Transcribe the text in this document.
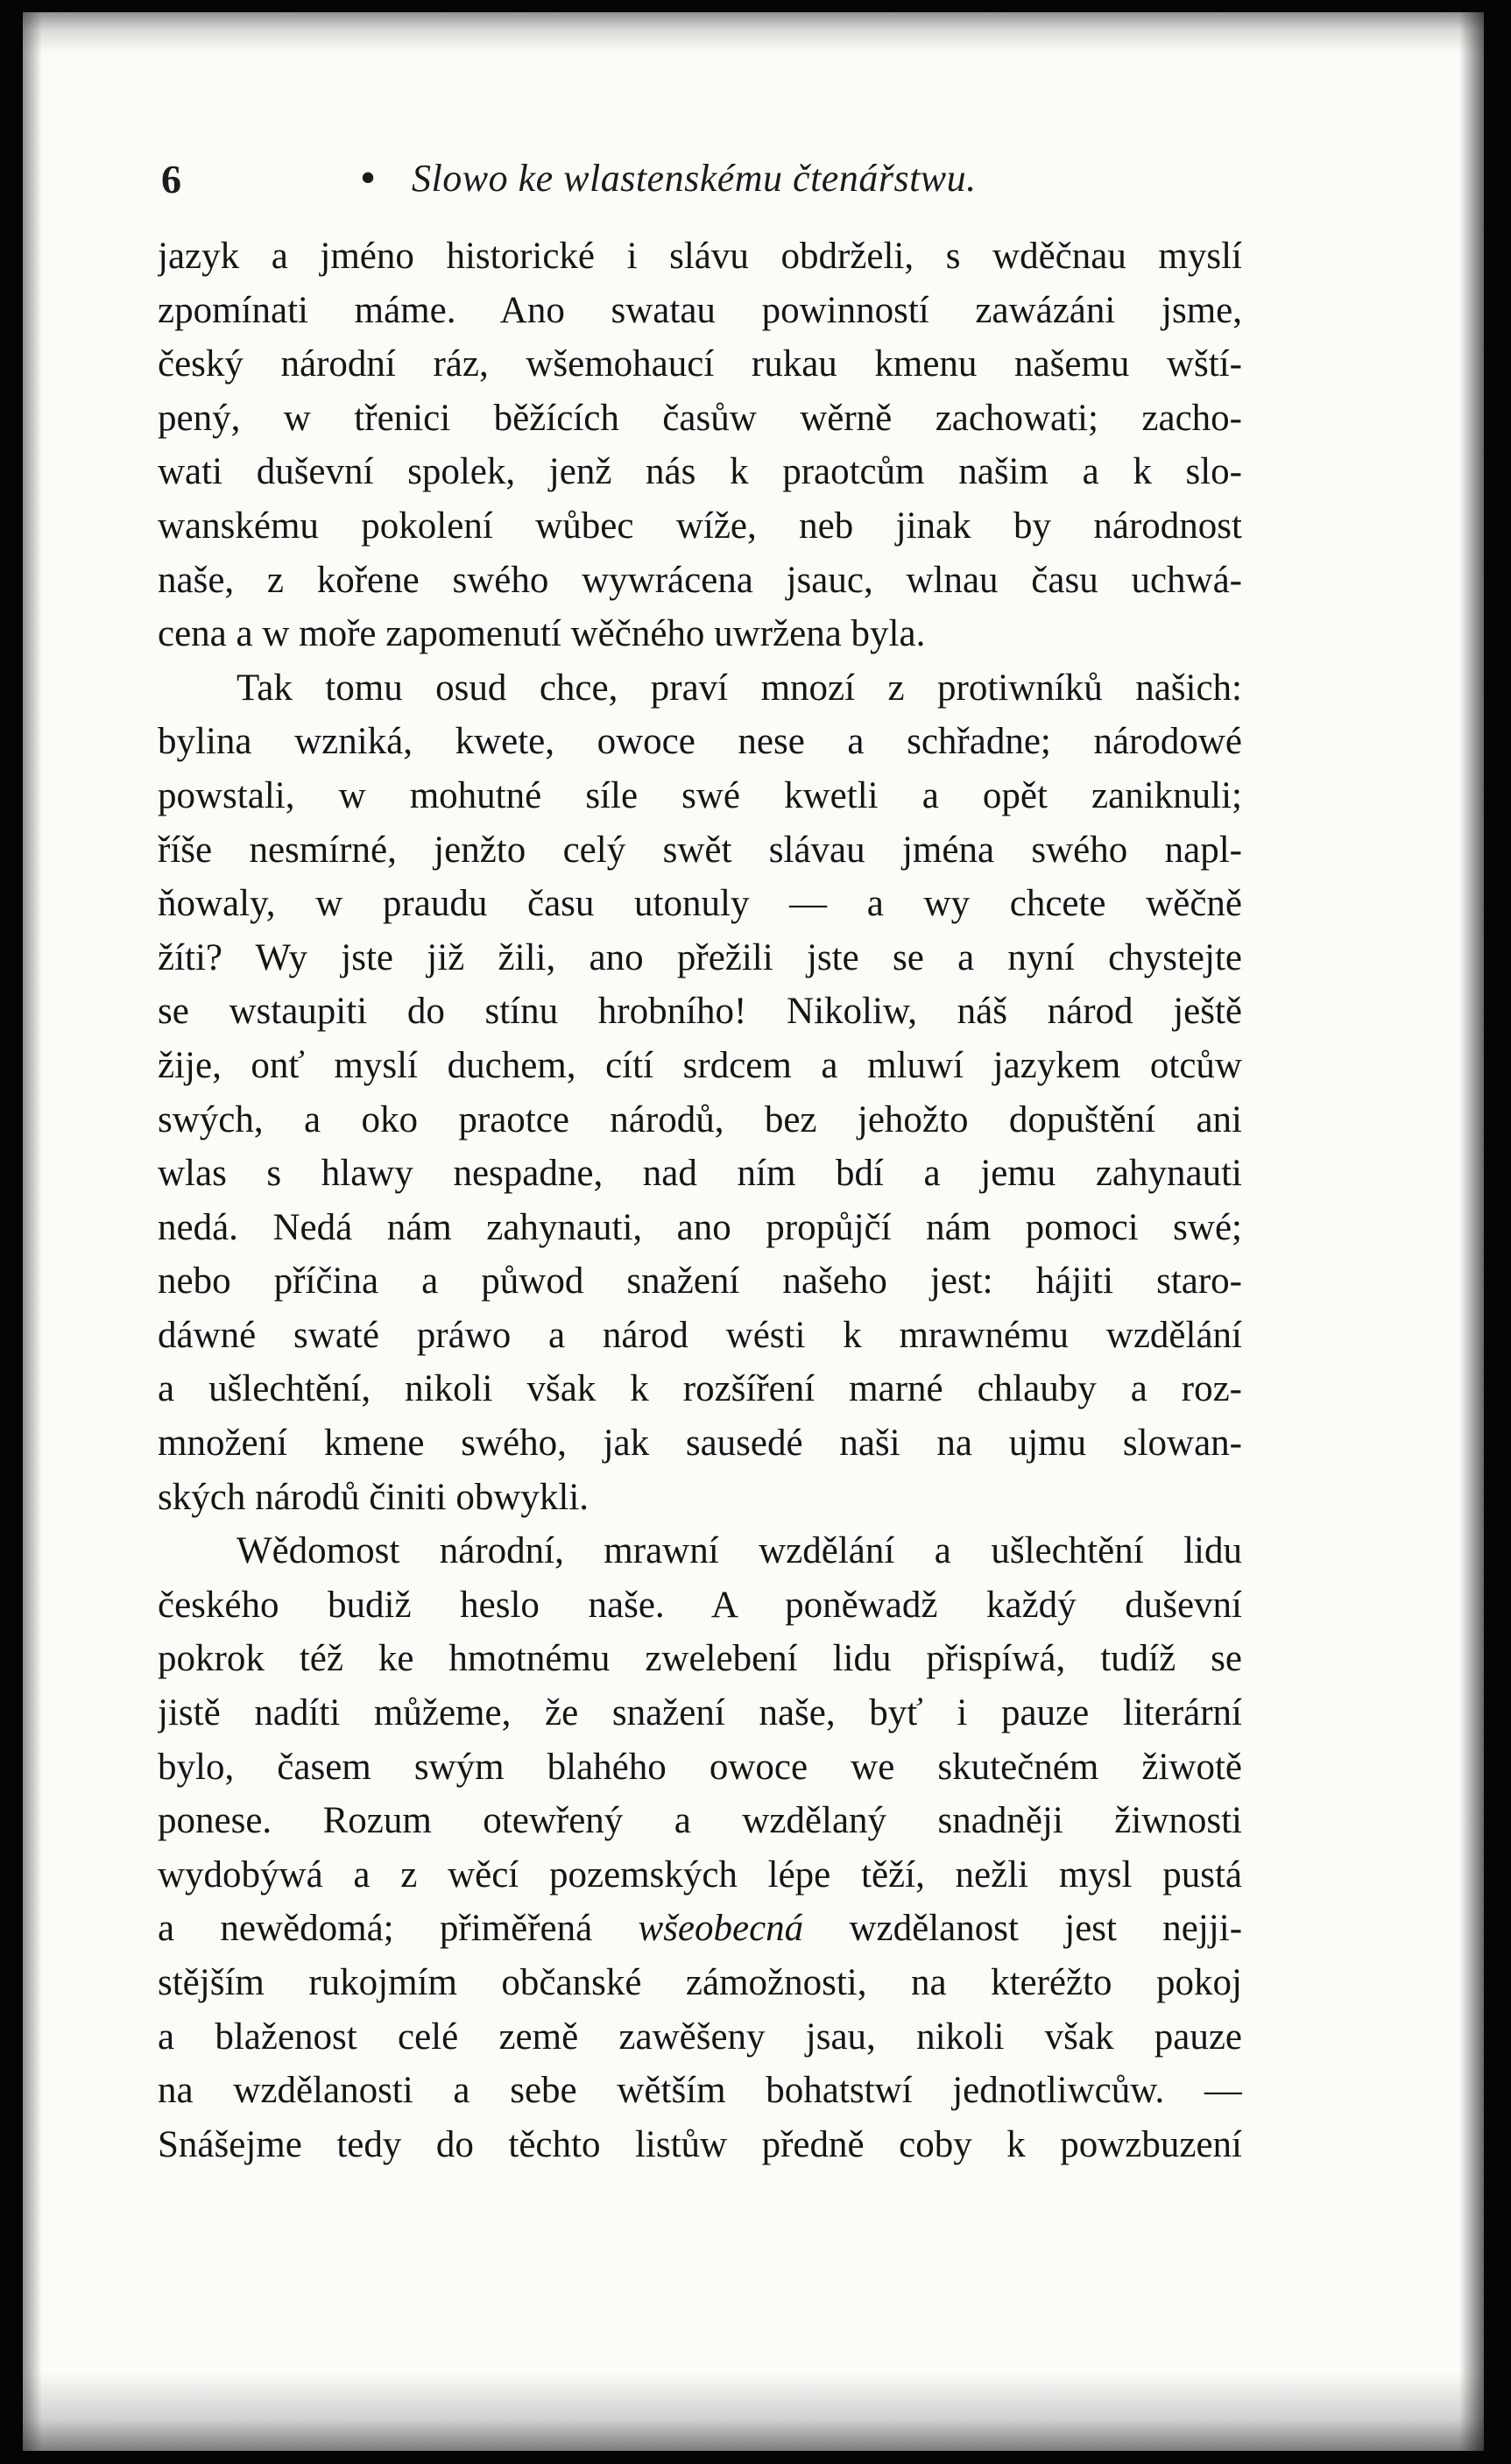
6	• Slowo ke wlastenskému čtenářstwu.
jazyk a jméno historické i slávu obdrželi, s wděčnau myslí
zpomínati máme. Ano swatau powinností zawázáni jsme,
český národní ráz, wšemohaucí rukau kmenu našemu wští-
pený, w třenici běžících časůw wěrně zachowati; zacho-
wati duševní spolek, jenž nás k praotcům našim a k slo-
wanskému pokolení wůbec wíže, neb jinak by národnost
naše, z kořene swého wywrácena jsauc, wlnau času uchwá-
cena a w moře zapomenutí wěčného uwržena byla.
Tak tomu osud chce, praví mnozí z protiwníků našich:
bylina wzniká, kwete, owoce nese a schřadne; národowé
powstali, w mohutné síle swé kwetli a opět zaniknuli;
říše nesmírné, jenžto celý swět slávau jména swého napl-
ňowaly, w praudu času utonuly — a wy chcete wěčně
žíti? Wy jste již žili, ano přežili jste se a nyní chystejte
se wstaupiti do stínu hrobního! Nikoliw, náš národ ještě
žije, onť myslí duchem, cítí srdcem a mluwí jazykem otcůw
swých, a oko praotce národů, bez jehožto dopuštění ani
wlas s hlawy nespadne, nad ním bdí a jemu zahynauti
nedá. Nedá nám zahynauti, ano propůjčí nám pomoci swé;
nebo příčina a půwod snažení našeho jest: hájiti staro-
dáwné swaté práwo a národ wésti k mrawnému wzdělání
a ušlechtění, nikoli však k rozšíření marné chlauby a roz-
množení kmene swého, jak sausedé naši na ujmu slowan-
ských národů činiti obwykli.
Wědomost národní, mrawní wzdělání a ušlechtění lidu
českého budiž heslo naše. A poněwadž každý duševní
pokrok též ke hmotnému zwelebení lidu přispíwá, tudíž se
jistě nadíti můžeme, že snažení naše, byť i pauze literární
bylo, časem swým blahého owoce we skutečném žiwotě
ponese. Rozum otewřený a wzdělaný snadněji žiwnosti
wydobýwá a z wěcí pozemských lépe těží, nežli mysl pustá
a newědomá; přiměřená wšeobecná wzdělanost jest nejji-
stějším rukojmím občanské zámožnosti, na kteréžto pokoj
a blaženost celé země zawěšeny jsau, nikoli však pauze
na wzdělanosti a sebe wětším bohatstwí jednotliwcůw. —
Snášejme tedy do těchto listůw předně coby k powzbuzení
